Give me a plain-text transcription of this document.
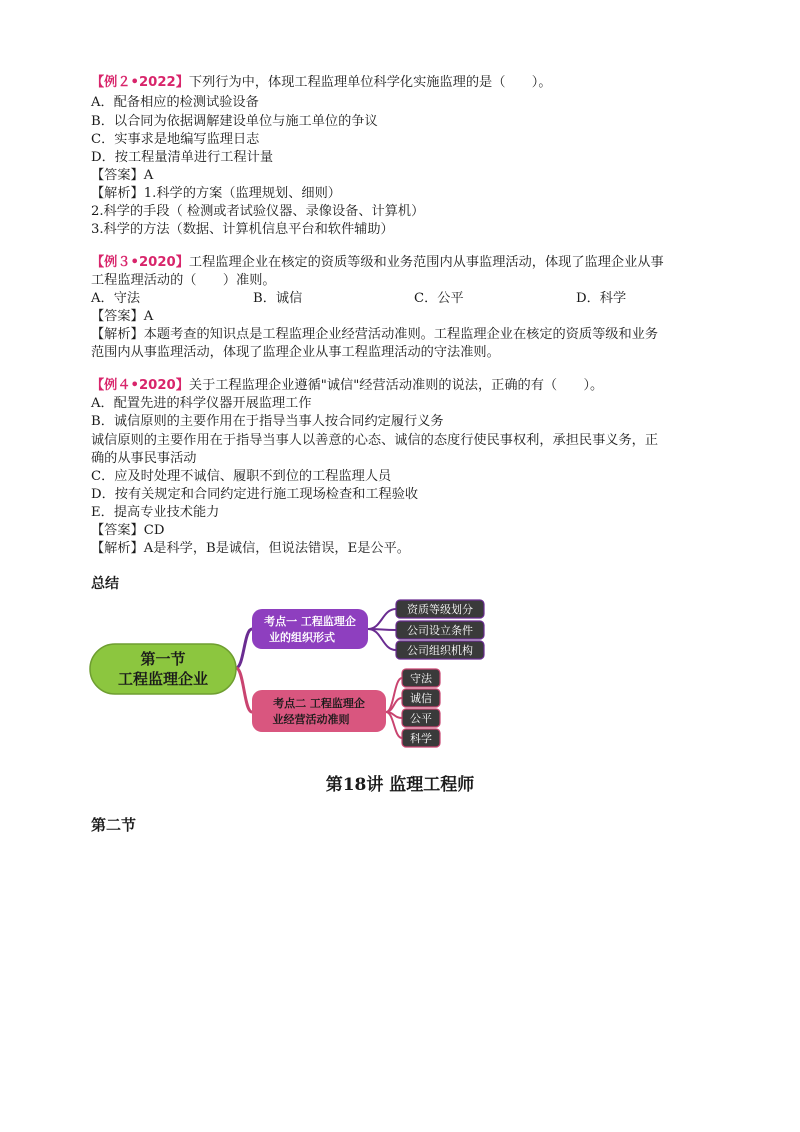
【例２•2022】下列行为中，体现工程监理单位科学化实施监理的是（　　）。
A．配备相应的检测试验设备
B．以合同为依据调解建设单位与施工单位的争议
C．实事求是地编写监理日志
D．按工程量清单进行工程计量
【答案】A
【解析】1.科学的方案（监理规划、细则）
2.科学的手段（ 检测或者试验仪器、录像设备、计算机）
3.科学的方法（数据、计算机信息平台和软件辅助）
【例３•2020】工程监理企业在核定的资质等级和业务范围内从事监理活动，体现了监理企业从事
工程监理活动的（　　）准则。
A．守法	B．诚信	C．公平	D．科学
【答案】A
【解析】本题考查的知识点是工程监理企业经营活动准则。工程监理企业在核定的资质等级和业务
范围内从事监理活动，体现了监理企业从事工程监理活动的守法准则。
【例４•2020】关于工程监理企业遵循"诚信"经营活动准则的说法，正确的有（　　）。
A．配置先进的科学仪器开展监理工作
B．诚信原则的主要作用在于指导当事人按合同约定履行义务
诚信原则的主要作用在于指导当事人以善意的心态、诚信的态度行使民事权利，承担民事义务，正
确的从事民事活动
C．应及时处理不诚信、履职不到位的工程监理人员
D．按有关规定和合同约定进行施工现场检查和工程验收
E．提高专业技术能力
【答案】CD
【解析】A是科学，B是诚信，但说法错误，E是公平。
总结
第一节
工程监理企业
考点一 工程监理企
业的组织形式
考点二 工程监理企
业经营活动准则
资质等级划分
公司设立条件
公司组织机构
守法
诚信
公平
科学
第18讲 监理工程师
第二节
